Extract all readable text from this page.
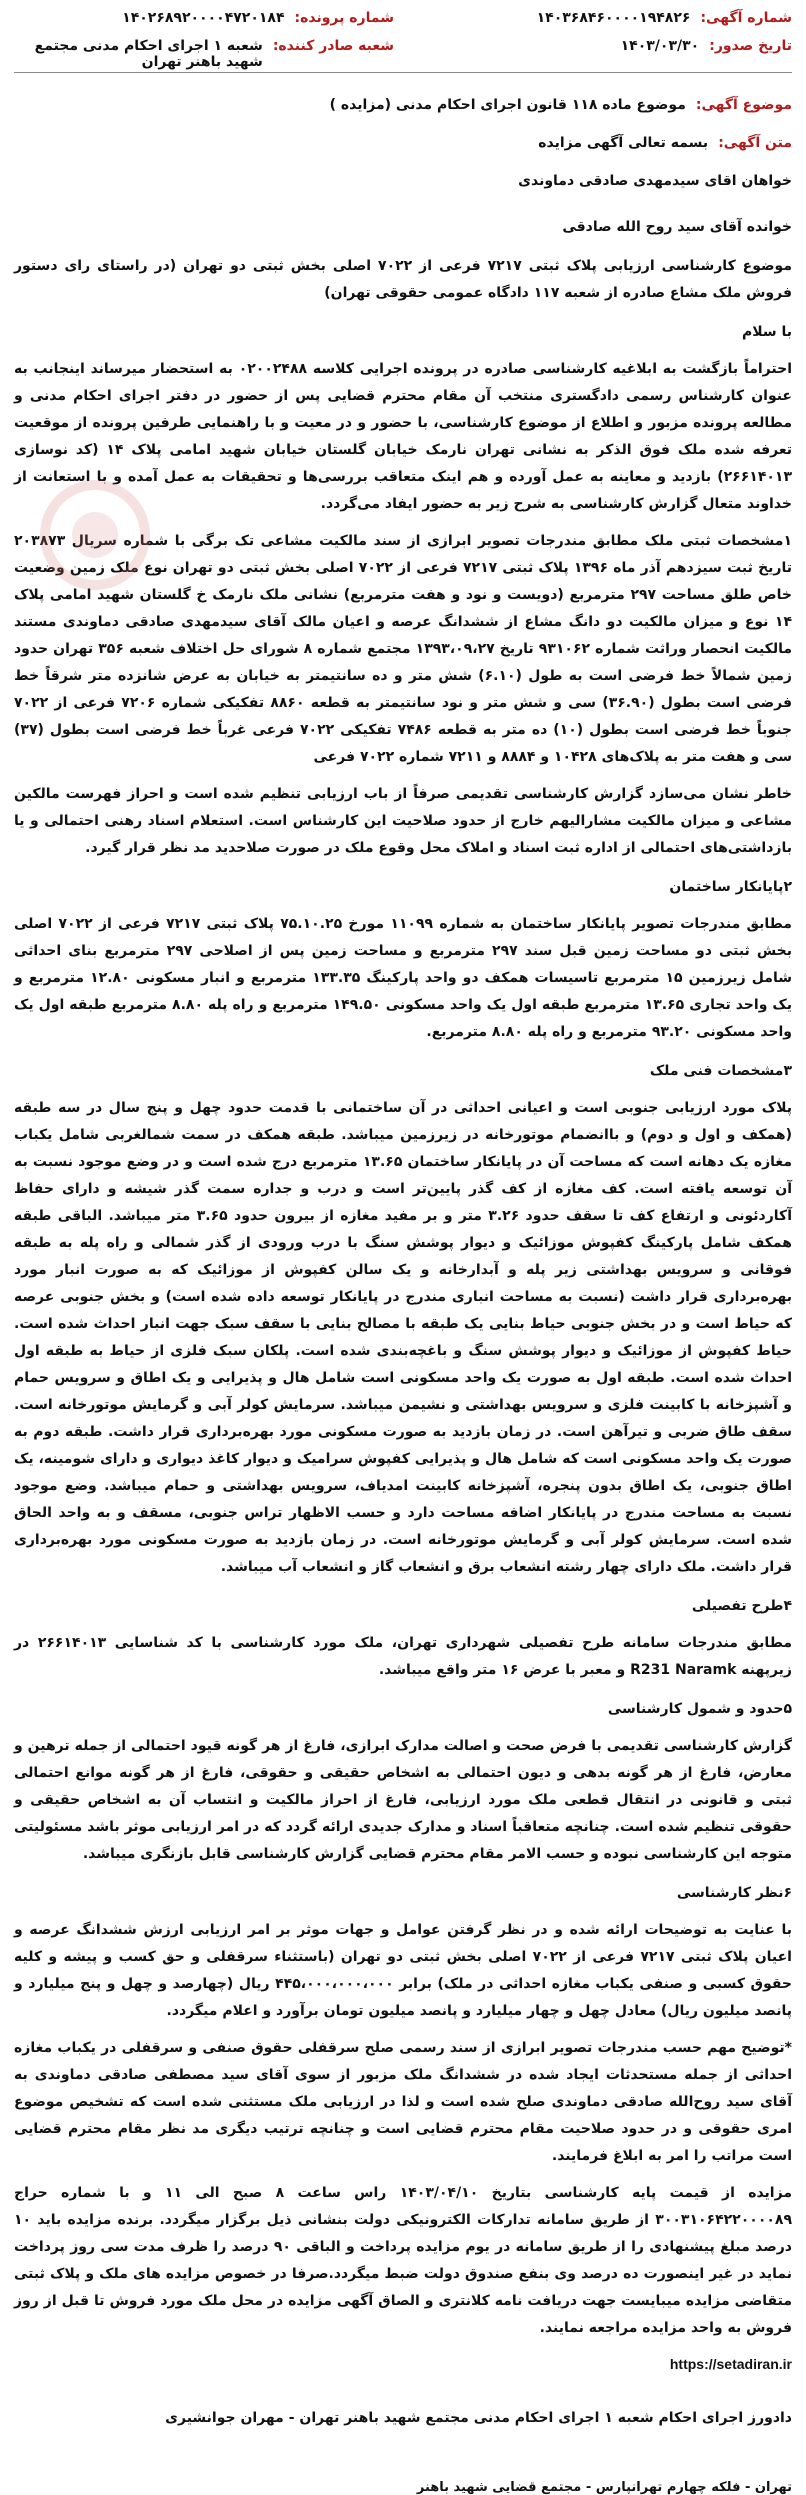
شماره آگهی:
۱۴۰۳۶۸۴۶۰۰۰۰۱۹۴۸۲۶
تاریخ صدور:
۱۴۰۳/۰۳/۳۰
شماره پرونده:
۱۴۰۲۶۸۹۲۰۰۰۰۴۷۲۰۱۸۴
شعبه صادر کننده:
شعبه ۱ اجرای احکام مدنی مجتمع شهید باهنر تهران
موضوع آگهی:
موضوع ماده ۱۱۸ قانون اجرای احکام مدنی (مزایده )
متن آگهی:
بسمه تعالی آگهی مزایده
خواهان اقای سیدمهدی صادقی دماوندی
خوانده آقای سید روح الله صادقی

موضوع کارشناسی ارزیابی پلاک ثبتی ۷۲۱۷ فرعی از ۷۰۲۲ اصلی بخش ثبتی دو تهران (در راستای رای دستور فروش ملک مشاع صادره از شعبه ۱۱۷ دادگاه عمومی حقوقی تهران)

با سلام

احتراماً بازگشت به ابلاغیه کارشناسی صادره در پرونده اجرایی کلاسه ۰۲۰۰۲۴۸۸ به استحضار میرساند اینجانب به عنوان کارشناس رسمی دادگستری منتخب آن مقام محترم قضایی پس از حضور در دفتر اجرای احکام مدنی و مطالعه پرونده مزبور و اطلاع از موضوع کارشناسی، با حضور و در معیت و با راهنمایی طرفین پرونده از موقعیت تعرفه شده ملک فوق الذکر به نشانی تهران نارمک خیابان گلستان خیابان شهید امامی پلاک ۱۴ (کد نوسازی ۲۶۶۱۴۰۱۳) بازدید و معاینه به عمل آورده و هم اینک متعاقب بررسی‌ها و تحقیقات به عمل آمده و با استعانت از خداوند متعال گزارش کارشناسی به شرح زیر به حضور ایفاد می‌گردد.

۱مشخصات ثبتی ملک مطابق مندرجات تصویر ابرازی از سند مالکیت مشاعی تک برگی با شماره سریال ۲۰۳۸۷۳ تاریخ ثبت سیزدهم آذر ماه ۱۳۹۶ پلاک ثبتی ۷۲۱۷ فرعی از ۷۰۲۲ اصلی بخش ثبتی دو تهران نوع ملک زمین وضعیت خاص طلق مساحت ۲۹۷ مترمربع (دویست و نود و هفت مترمربع) نشانی ملک نارمک خ گلستان شهید امامی پلاک ۱۴ نوع و میزان مالکیت دو دانگ مشاع از ششدانگ عرصه و اعیان مالک آقای سیدمهدی صادقی دماوندی مستند مالکیت انحصار وراثت شماره ۹۳۱۰۶۲ تاریخ ۱۳۹۳،۰۹،۲۷ مجتمع شماره ۸ شورای حل اختلاف شعبه ۳۵۶ تهران حدود زمین شمالاً خط فرضی است به طول (۶.۱۰) شش متر و ده سانتیمتر به خیابان به عرض شانزده متر شرقاً خط فرضی است بطول (۳۶.۹۰) سی و شش متر و نود سانتیمتر به قطعه ۸۸۶۰ تفکیکی شماره ۷۲۰۶ فرعی از ۷۰۲۲ جنوباً خط فرضی است بطول (۱۰) ده متر به قطعه ۷۴۸۶ تفکیکی ۷۰۲۲ فرعی غرباً خط فرضی است بطول (۳۷) سی و هفت متر به پلاک‌های ۱۰۴۲۸ و ۸۸۸۴ و ۷۲۱۱ شماره ۷۰۲۲ فرعی

خاطر نشان می‌سازد گزارش کارشناسی تقدیمی صرفاً از باب ارزیابی تنظیم شده است و احراز فهرست مالکین مشاعی و میزان مالکیت مشارالیهم خارج از حدود صلاحیت این کارشناس است. استعلام اسناد رهنی احتمالی و یا بازداشتی‌های احتمالی از اداره ثبت اسناد و املاک محل وقوع ملک در صورت صلاحدید مد نظر قرار گیرد.

۲پایانکار ساختمان

مطابق مندرجات تصویر پایانکار ساختمان به شماره ۱۱۰۹۹ مورخ ۷۵.۱۰.۲۵ پلاک ثبتی ۷۲۱۷ فرعی از ۷۰۲۲ اصلی بخش ثبتی دو مساحت زمین قبل سند ۲۹۷ مترمربع و مساحت زمین پس از اصلاحی ۲۹۷ مترمربع بنای احداثی شامل زیرزمین ۱۵ مترمربع تاسیسات همکف دو واحد پارکینگ ۱۳۳.۳۵ مترمربع و انبار مسکونی ۱۲.۸۰ مترمربع و یک واحد تجاری ۱۳.۶۵ مترمربع طبقه اول یک واحد مسکونی ۱۴۹.۵۰ مترمربع و راه پله ۸.۸۰ مترمربع طبقه اول یک واحد مسکونی ۹۳.۲۰ مترمربع و راه پله ۸.۸۰ مترمربع.

۳مشخصات فنی ملک

پلاک مورد ارزیابی جنوبی است و اعیانی احداثی در آن ساختمانی با قدمت حدود چهل و پنج سال در سه طبقه (همکف و اول و دوم) و باانضمام موتورخانه در زیرزمین میباشد. طبقه همکف در سمت شمالغربی شامل یکباب مغازه یک دهانه است که مساحت آن در پایانکار ساختمان ۱۳.۶۵ مترمربع درج شده است و در وضع موجود نسبت به آن توسعه یافته است. کف مغازه از کف گذر پایین‌تر است و درب و جداره سمت گذر شیشه و دارای حفاظ آکاردئونی و ارتفاع کف تا سقف حدود ۳.۲۶ متر و بر مفید مغازه از بیرون حدود ۳.۶۵ متر میباشد. الباقی طبقه همکف شامل پارکینگ کفپوش موزائیک و دیوار پوشش سنگ با درب ورودی از گذر شمالی و راه پله به طبقه فوقانی و سرویس بهداشتی زیر پله و آبدارخانه و یک سالن کفپوش از موزائیک که به صورت انبار مورد بهره‌برداری قرار داشت (نسبت به مساحت انباری مندرج در پایانکار توسعه داده شده است) و بخش جنوبی عرصه که حیاط است و در بخش جنوبی حیاط بنایی یک طبقه با مصالح بنایی با سقف سبک جهت انبار احداث شده است. حیاط کفپوش از موزائیک و دیوار پوشش سنگ و باغچه‌بندی شده است. پلکان سبک فلزی از حیاط به طبقه اول احداث شده است. طبقه اول به صورت یک واحد مسکونی است شامل هال و پذیرایی و یک اطاق و سرویس حمام و آشپزخانه با کابینت فلزی و سرویس بهداشتی و نشیمن میباشد. سرمایش کولر آبی و گرمایش موتورخانه است. سقف طاق ضربی و تیرآهن است. در زمان بازدید به صورت مسکونی مورد بهره‌برداری قرار داشت. طبقه دوم به صورت یک واحد مسکونی است که شامل هال و پذیرایی کفپوش سرامیک و دیوار کاغذ دیواری و دارای شومینه، یک اطاق جنوبی، یک اطاق بدون پنجره، آشپزخانه کابینت امدیاف، سرویس بهداشتی و حمام میباشد. وضع موجود نسبت به مساحت مندرج در پایانکار اضافه مساحت دارد و حسب الاظهار تراس جنوبی، مسقف و به واحد الحاق شده است. سرمایش کولر آبی و گرمایش موتورخانه است. در زمان بازدید به صورت مسکونی مورد بهره‌برداری قرار داشت. ملک دارای چهار رشته انشعاب برق و انشعاب گاز و انشعاب آب میباشد.

۴طرح تفصیلی

مطابق مندرجات سامانه طرح تفصیلی شهرداری تهران، ملک مورد کارشناسی با کد شناسایی ۲۶۶۱۴۰۱۳ در زیرپهنه R231 Naramk و معبر با عرض ۱۶ متر واقع میباشد.

۵حدود و شمول کارشناسی

گزارش کارشناسی تقدیمی با فرض صحت و اصالت مدارک ابرازی، فارغ از هر گونه قیود احتمالی از جمله ترهین و معارض، فارغ از هر گونه بدهی و دیون احتمالی به اشخاص حقیقی و حقوقی، فارغ از هر گونه موانع احتمالی ثبتی و قانونی در انتقال قطعی ملک مورد ارزیابی، فارغ از احراز مالکیت و انتساب آن به اشخاص حقیقی و حقوقی تنظیم شده است. چنانچه متعاقباً اسناد و مدارک جدیدی ارائه گردد که در امر ارزیابی موثر باشد مسئولیتی متوجه این کارشناسی نبوده و حسب الامر مقام محترم قضایی گزارش کارشناسی قابل بازنگری میباشد.

۶نظر کارشناسی

با عنایت به توضیحات ارائه شده و در نظر گرفتن عوامل و جهات موثر بر امر ارزیابی ارزش ششدانگ عرصه و اعیان پلاک ثبتی ۷۲۱۷ فرعی از ۷۰۲۲ اصلی بخش ثبتی دو تهران (باستثناء سرقفلی و حق کسب و پیشه و کلیه حقوق کسبی و صنفی یکباب مغازه احداثی در ملک) برابر ۴۴۵،۰۰۰،۰۰۰،۰۰۰ ریال (چهارصد و چهل و پنج میلیارد و پانصد میلیون ریال) معادل چهل و چهار میلیارد و پانصد میلیون تومان برآورد و اعلام میگردد.

*توضیح مهم حسب مندرجات تصویر ابرازی از سند رسمی صلح سرقفلی حقوق صنفی و سرقفلی در یکباب مغازه احداثی از جمله مستحدثات ایجاد شده در ششدانگ ملک مزبور از سوی آقای سید مصطفی صادقی دماوندی به آقای سید روح‌الله صادقی دماوندی صلح شده است و لذا در ارزیابی ملک مستثنی شده است که تشخیص موضوع امری حقوقی و در حدود صلاحیت مقام محترم قضایی است و چنانچه ترتیب دیگری مد نظر مقام محترم قضایی است مراتب را امر به ابلاغ فرمایند.

مزایده از قیمت پایه کارشناسی بتاریخ ۱۴۰۳/۰۴/۱۰ راس ساعت ۸ صبح الی ۱۱ و با شماره حراج ۳۰۰۳۱۰۶۴۲۲۰۰۰۰۸۹ از طریق سامانه تدارکات الکترونیکی دولت بنشانی ذیل برگزار میگردد. برنده مزایده باید ۱۰ درصد مبلغ پیشنهادی را از طریق سامانه در یوم مزایده پرداخت و الباقی ۹۰ درصد را ظرف مدت سی روز پرداخت نماید در غیر اینصورت ده درصد وی بنفع صندوق دولت ضبط میگردد.صرفا در خصوص مزایده های ملک و پلاک ثبتی متقاضی مزایده میبایست جهت دریافت نامه کلانتری و الصاق آگهی مزایده در محل ملک مورد فروش تا قبل از روز فروش به واحد مزایده مراجعه نمایند.

https://setadiran.ir
دادورز اجرای احکام شعبه ۱ اجرای احکام مدنی مجتمع شهید باهنر تهران - مهران جوانشیری
تهران - فلکه چهارم تهرانپارس - مجتمع قضایی شهید باهنر
